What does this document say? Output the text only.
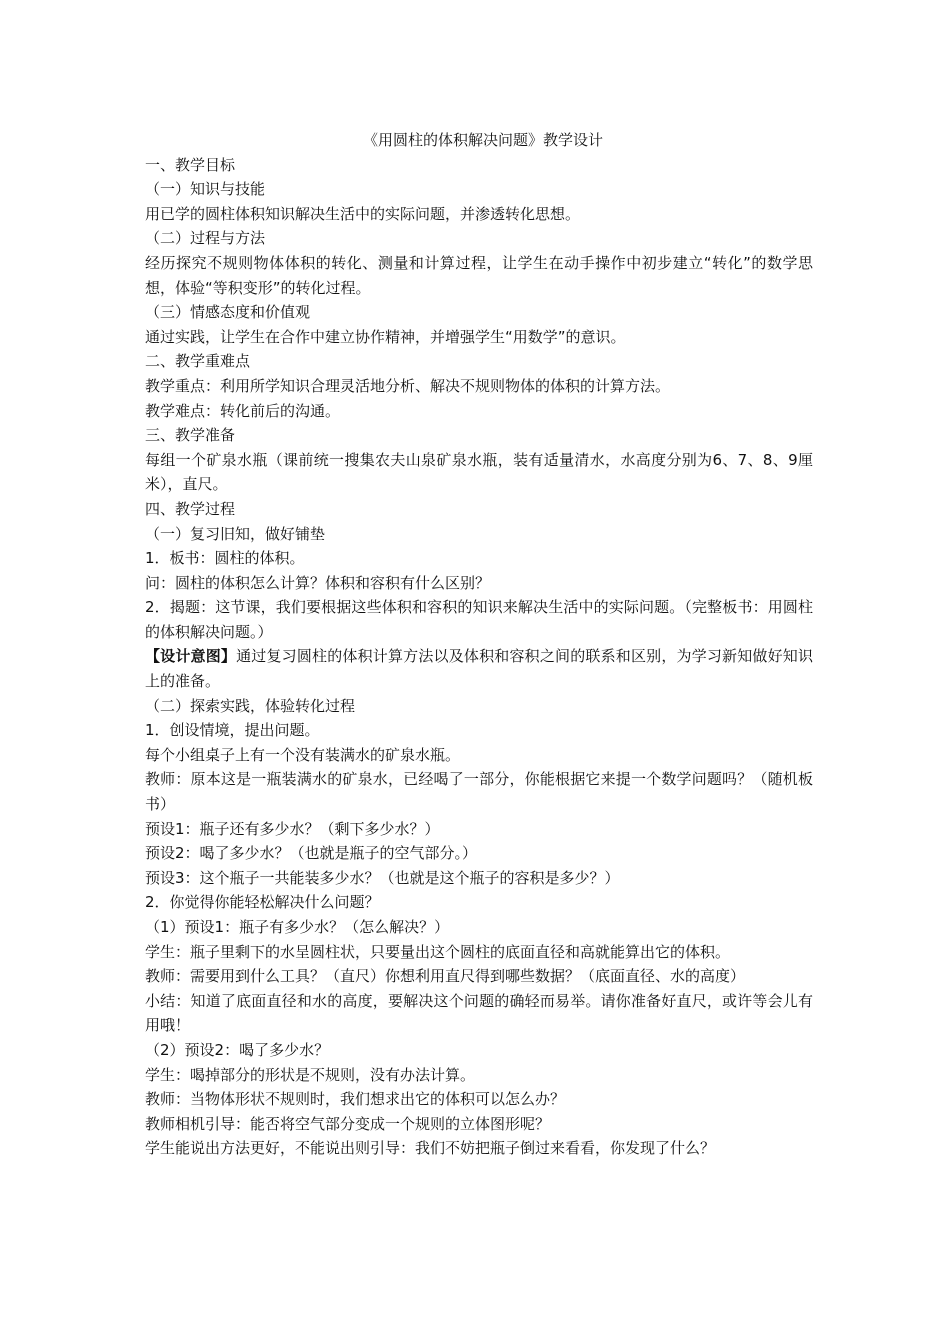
《用圆柱的体积解决问题》教学设计

一、教学目标

（一）知识与技能

用已学的圆柱体积知识解决生活中的实际问题，并渗透转化思想。

（二）过程与方法

经历探究不规则物体体积的转化、测量和计算过程，让学生在动手操作中初步建立“转化”的数学思想，体验“等积变形”的转化过程。

（三）情感态度和价值观

通过实践，让学生在合作中建立协作精神，并增强学生“用数学”的意识。

二、教学重难点

教学重点：利用所学知识合理灵活地分析、解决不规则物体的体积的计算方法。

教学难点：转化前后的沟通。

三、教学准备

每组一个矿泉水瓶（课前统一搜集农夫山泉矿泉水瓶，装有适量清水，水高度分别为6、7、8、9厘米），直尺。

四、教学过程

（一）复习旧知，做好铺垫

1．板书：圆柱的体积。

问：圆柱的体积怎么计算？体积和容积有什么区别？

2．揭题：这节课，我们要根据这些体积和容积的知识来解决生活中的实际问题。（完整板书：用圆柱的体积解决问题。）

【设计意图】通过复习圆柱的体积计算方法以及体积和容积之间的联系和区别，为学习新知做好知识上的准备。

（二）探索实践，体验转化过程

1．创设情境，提出问题。

每个小组桌子上有一个没有装满水的矿泉水瓶。

教师：原本这是一瓶装满水的矿泉水，已经喝了一部分，你能根据它来提一个数学问题吗？（随机板书）

预设1：瓶子还有多少水？（剩下多少水？）

预设2：喝了多少水？（也就是瓶子的空气部分。）

预设3：这个瓶子一共能装多少水？（也就是这个瓶子的容积是多少？）

2．你觉得你能轻松解决什么问题？

（1）预设1：瓶子有多少水？（怎么解决？）

学生：瓶子里剩下的水呈圆柱状，只要量出这个圆柱的底面直径和高就能算出它的体积。

教师：需要用到什么工具？（直尺）你想利用直尺得到哪些数据？（底面直径、水的高度）

小结：知道了底面直径和水的高度，要解决这个问题的确轻而易举。请你准备好直尺，或许等会儿有用哦！

（2）预设2：喝了多少水？

学生：喝掉部分的形状是不规则，没有办法计算。

教师：当物体形状不规则时，我们想求出它的体积可以怎么办？

教师相机引导：能否将空气部分变成一个规则的立体图形呢？

学生能说出方法更好，不能说出则引导：我们不妨把瓶子倒过来看看，你发现了什么？
